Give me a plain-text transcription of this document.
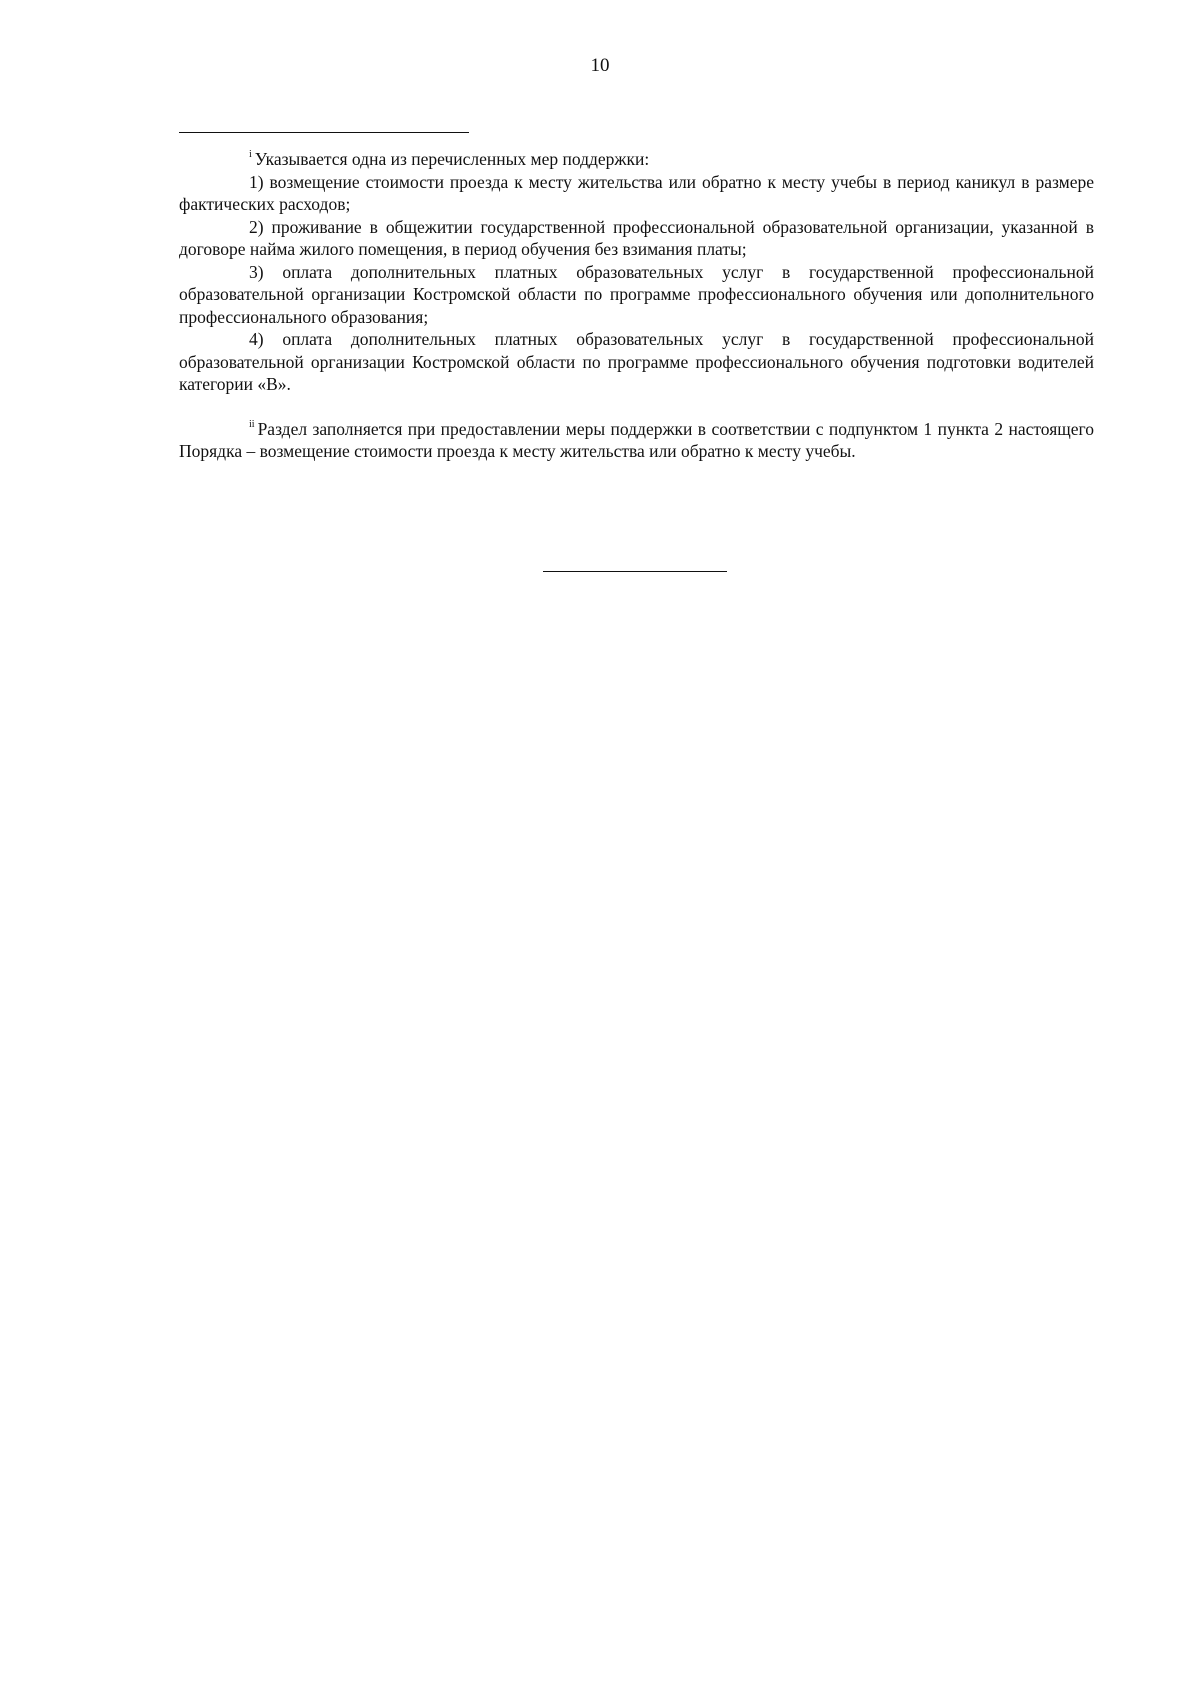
10

$^i$ Указывается одна из перечисленных мер поддержки:

1) возмещение стоимости проезда к месту жительства или обратно к месту учебы в период каникул в размере фактических расходов;

2) проживание в общежитии государственной профессиональной образовательной организации, указанной в договоре найма жилого помещения, в период обучения без взимания платы;

3) оплата дополнительных платных образовательных услуг в государственной профессиональной образовательной организации Костромской области по программе профессионального обучения или дополнительного профессионального образования;

4) оплата дополнительных платных образовательных услуг в государственной профессиональной образовательной организации Костромской области по программе профессионального обучения подготовки водителей категории «В».

$^{ii}$ Раздел заполняется при предоставлении меры поддержки в соответствии с подпунктом 1 пункта 2 настоящего Порядка – возмещение стоимости проезда к месту жительства или обратно к месту учебы.
